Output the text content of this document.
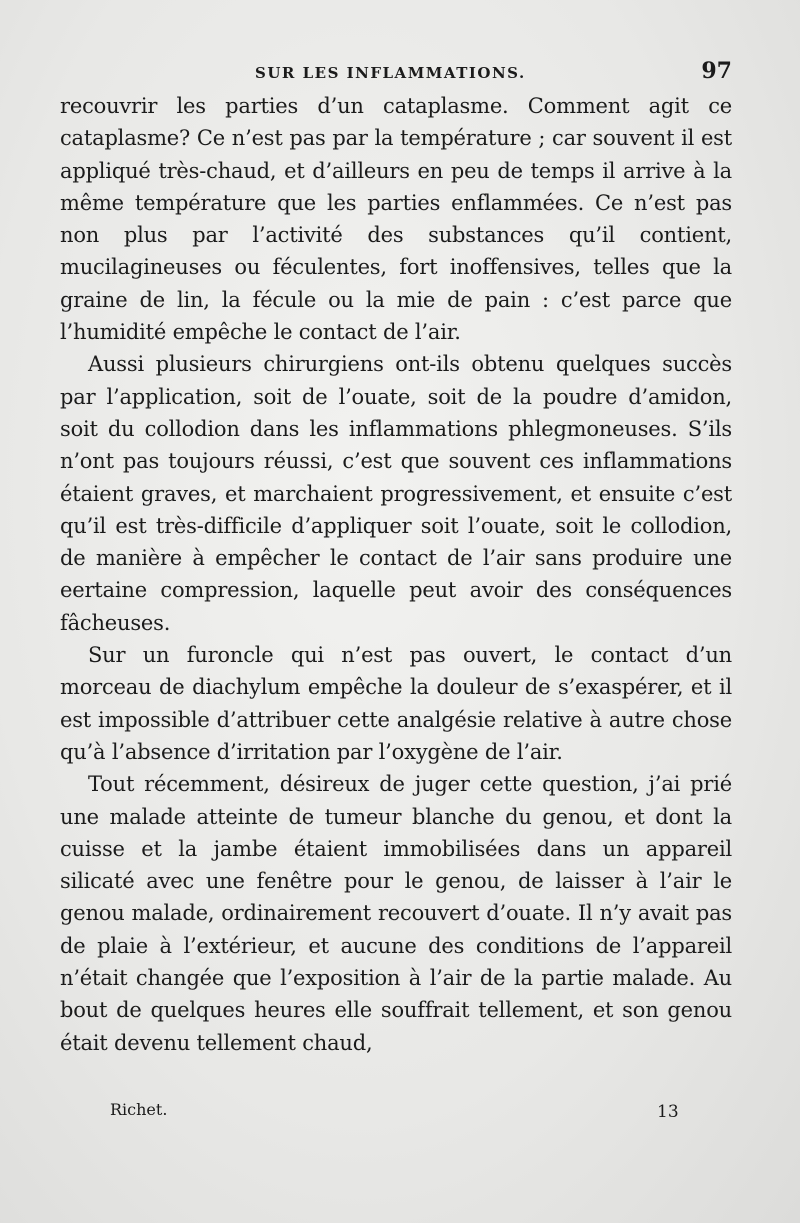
SUR LES INFLAMMATIONS.	97

recouvrir les parties d’un cataplasme. Comment agit ce cataplasme? Ce n’est pas par la température ; car souvent il est appliqué très-chaud, et d’ailleurs en peu de temps il arrive à la même température que les parties enflammées. Ce n’est pas non plus par l’activité des substances qu’il contient, mucilagineuses ou féculentes, fort inoffensives, telles que la graine de lin, la fécule ou la mie de pain : c’est parce que l’humidité empêche le contact de l’air.

Aussi plusieurs chirurgiens ont-ils obtenu quelques succès par l’application, soit de l’ouate, soit de la poudre d’amidon, soit du collodion dans les inflammations phlegmoneuses. S’ils n’ont pas toujours réussi, c’est que souvent ces inflammations étaient graves, et marchaient progressivement, et ensuite c’est qu’il est très-difficile d’appliquer soit l’ouate, soit le collodion, de manière à empêcher le contact de l’air sans produire une eertaine compression, laquelle peut avoir des conséquences fâcheuses.

Sur un furoncle qui n’est pas ouvert, le contact d’un morceau de diachylum empêche la douleur de s’exaspérer, et il est impossible d’attribuer cette analgésie relative à autre chose qu’à l’absence d’irritation par l’oxygène de l’air.

Tout récemment, désireux de juger cette question, j’ai prié une malade atteinte de tumeur blanche du genou, et dont la cuisse et la jambe étaient immobilisées dans un appareil silicaté avec une fenêtre pour le genou, de laisser à l’air le genou malade, ordinairement recouvert d’ouate. Il n’y avait pas de plaie à l’extérieur, et aucune des conditions de l’appareil n’était changée que l’exposition à l’air de la partie malade. Au bout de quelques heures elle souffrait tellement, et son genou était devenu tellement chaud,

Richet.	13
